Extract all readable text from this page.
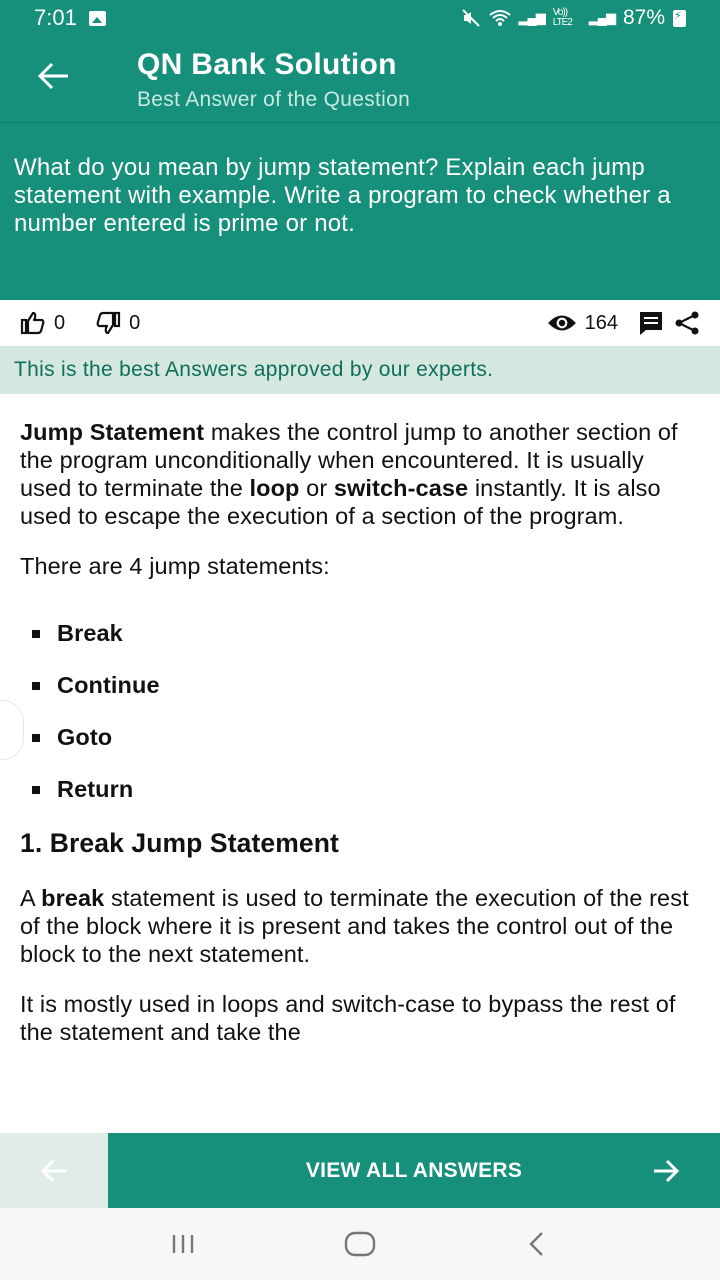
7:01	▂▄▆ Vo)) LTE2	▂▄▆ 87%
⚡
QN Bank Solution
Best Answer of the Question
What do you mean by jump statement? Explain each jump statement with example. Write a program to check whether a number entered is prime or not.
0	0	164
This is the best Answers approved by our experts.

Jump Statement makes the control jump to another section of the program unconditionally when encountered. It is usually used to terminate the loop or switch-case instantly. It is also used to escape the execution of a section of the program.

There are 4 jump statements:

Break
Continue
Goto
Return
1. Break Jump Statement

A break statement is used to terminate the execution of the rest of the block where it is present and takes the control out of the block to the next statement.

It is mostly used in loops and switch-case to bypass the rest of the statement and take the

VIEW ALL ANSWERS
